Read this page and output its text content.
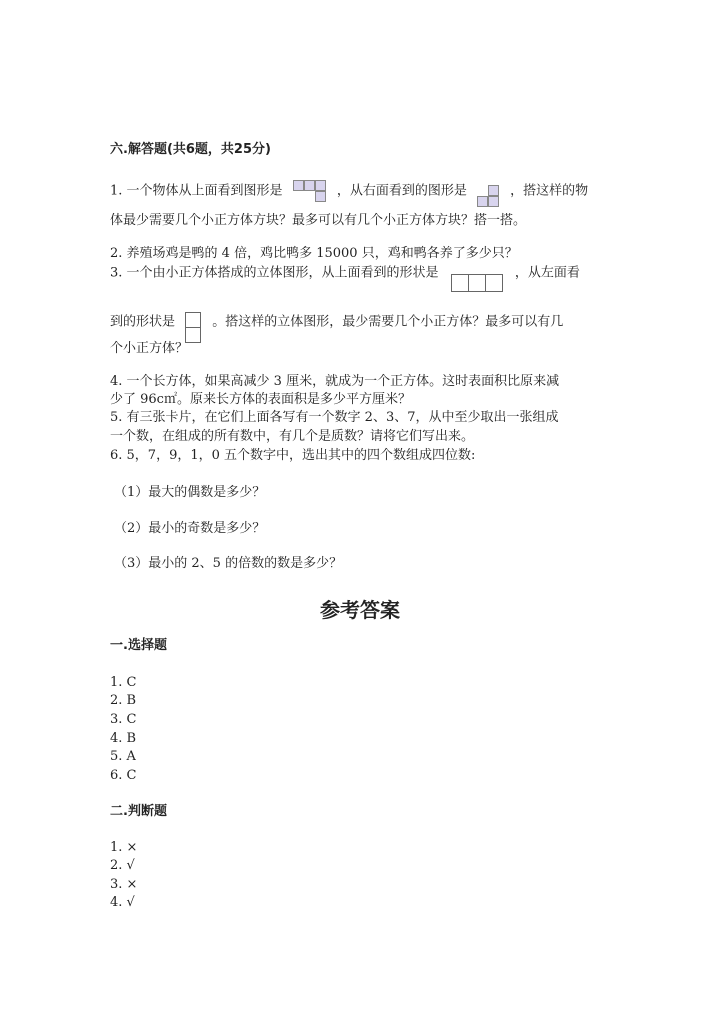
六.解答题(共6题，共25分)
1. 一个物体从上面看到图形是	，从右面看到的图形是	，搭这样的物
体最少需要几个小正方体方块？最多可以有几个小正方体方块？搭一搭。
2. 养殖场鸡是鸭的 4 倍，鸡比鸭多 15000 只，鸡和鸭各养了多少只？
3. 一个由小正方体搭成的立体图形，从上面看到的形状是	，从左面看
到的形状是	。搭这样的立体图形，最少需要几个小正方体？最多可以有几
个小正方体？
4. 一个长方体，如果高减少 3 厘米，就成为一个正方体。这时表面积比原来减
少了 96c㎡。原来长方体的表面积是多少平方厘米？
5. 有三张卡片，在它们上面各写有一个数字 2、3、7，从中至少取出一张组成
一个数，在组成的所有数中，有几个是质数？请将它们写出来。
6. 5，7，9，1，0 五个数字中，选出其中的四个数组成四位数:
（1）最大的偶数是多少？
（2）最小的奇数是多少？
（3）最小的 2、5 的倍数的数是多少？
参考答案
一.选择题
1. C
2. B
3. C
4. B
5. A
6. C
二.判断题
1. ×
2. √
3. ×
4. √
